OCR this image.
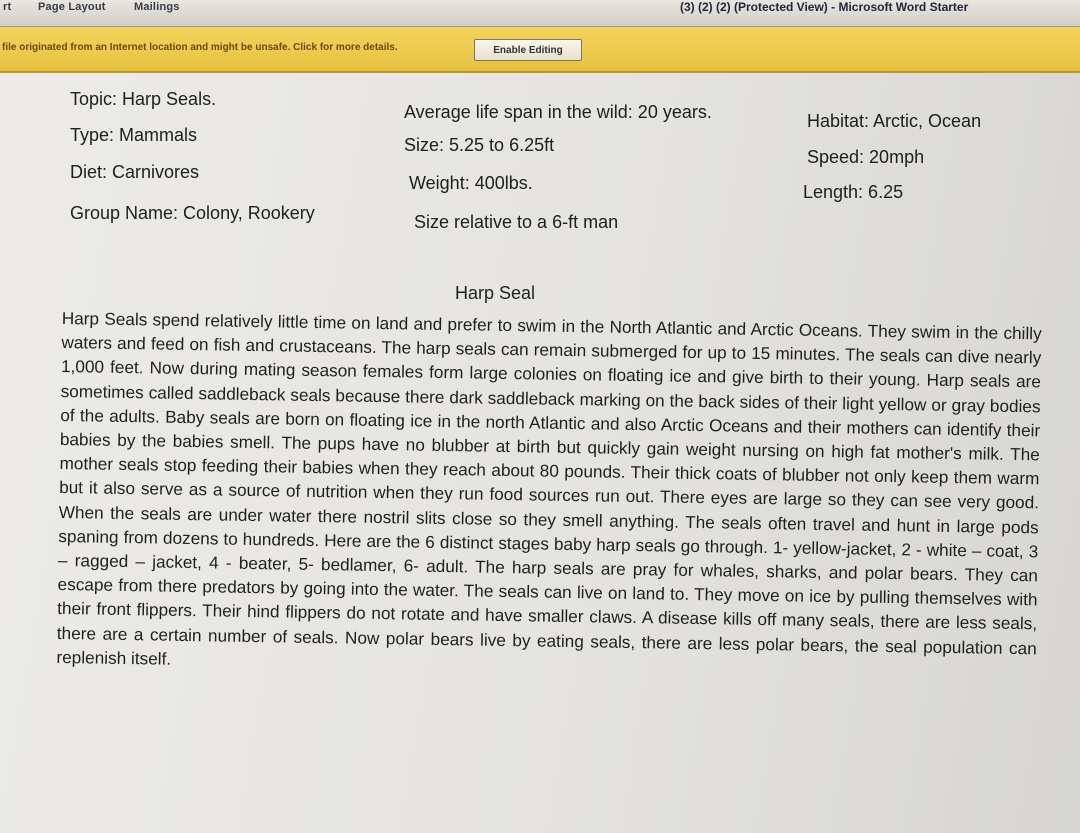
rt Page Layout	Mailings	(3) (2) (2) (Protected View) - Microsoft Word Starter
file originated from an Internet location and might be unsafe. Click for more details.	Enable Editing
Topic: Harp Seals.
Type: Mammals
Diet: Carnivores
Group Name: Colony, Rookery
Average life span in the wild: 20 years.
Size: 5.25 to 6.25ft
Weight: 400lbs.
Size relative to a 6-ft man
Habitat: Arctic, Ocean
Speed: 20mph
Length: 6.25
Harp Seal
Harp Seals spend relatively little time on land and prefer to swim in the North Atlantic and Arctic Oceans. They swim in the chilly waters and feed on fish and crustaceans. The harp seals can remain submerged for up to 15 minutes. The seals can dive nearly 1,000 feet. Now during mating season females form large colonies on floating ice and give birth to their young. Harp seals are sometimes called saddleback seals because there dark saddleback marking on the back sides of their light yellow or gray bodies of the adults. Baby seals are born on floating ice in the north Atlantic and also Arctic Oceans and their mothers can identify their babies by the babies smell. The pups have no blubber at birth but quickly gain weight nursing on high fat mother's milk. The mother seals stop feeding their babies when they reach about 80 pounds. Their thick coats of blubber not only keep them warm but it also serve as a source of nutrition when they run food sources run out. There eyes are large so they can see very good. When the seals are under water there nostril slits close so they smell anything. The seals often travel and hunt in large pods spaning from dozens to hundreds. Here are the 6 distinct stages baby harp seals go through. 1- yellow-jacket, 2 - white – coat, 3 – ragged – jacket, 4 - beater, 5- bedlamer, 6- adult. The harp seals are pray for whales, sharks, and polar bears. They can escape from there predators by going into the water. The seals can live on land to. They move on ice by pulling themselves with their front flippers. Their hind flippers do not rotate and have smaller claws. A disease kills off many seals, there are less seals, there are a certain number of seals. Now polar bears live by eating seals, there are less polar bears, the seal population can replenish itself.
